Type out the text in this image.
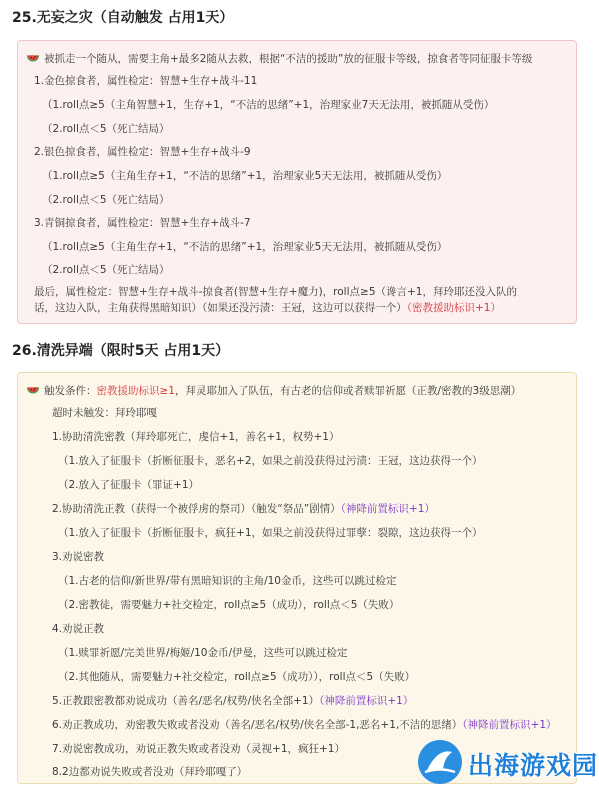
25.无妄之灾（自动触发 占用1天）
被抓走一个随从，需要主角+最多2随从去救，根据“不洁的援助”放的征服卡等级，掠食者等同征服卡等级
1.金色掠食者，属性检定：智慧+生存+战斗-11
（1.roll点≥5（主角智慧+1，生存+1，“不洁的思绪”+1，治理家业7天无法用，被抓随从受伤）
（2.roll点＜5（死亡结局）
2.银色掠食者，属性检定：智慧+生存+战斗-9
（1.roll点≥5（主角生存+1，“不洁的思绪”+1，治理家业5天无法用，被抓随从受伤）
（2.roll点＜5（死亡结局）
3.青铜掠食者，属性检定：智慧+生存+战斗-7
（1.roll点≥5（主角生存+1，“不洁的思绪”+1，治理家业5天无法用，被抓随从受伤）
（2.roll点＜5（死亡结局）
最后，属性检定：智慧+生存+战斗-掠食者(智慧+生存+魔力)，roll点≥5（谗言+1，拜玲耶还没入队的
话，这边入队，主角获得黑暗知识）（如果还没污渍：王冠，这边可以获得一个）（密教援助标识+1）
26.清洗异端（限时5天 占用1天）
触发条件：密教援助标识≥1，拜灵耶加入了队伍，有古老的信仰或者赎罪祈愿（正教/密教的3级思潮）
超时未触发：拜玲耶嘎
1.协助清洗密教（拜玲耶死亡，虔信+1，善名+1，权势+1）
（1.放入了征服卡（折断征服卡，恶名+2，如果之前没获得过污渍：王冠，这边获得一个）
（2.放入了征服卡（罪证+1）
2.协助清洗正教（获得一个被俘虏的祭司）（触发“祭品”剧情）（神降前置标识+1）
（1.放入了征服卡（折断征服卡，疯狂+1，如果之前没获得过罪孽：裂隙，这边获得一个）
3.劝说密教
（1.古老的信仰/新世界/带有黑暗知识的主角/10金币，这些可以跳过检定
（2.密教徒，需要魅力+社交检定，roll点≥5（成功），roll点＜5（失败）
4.劝说正教
（1.赎罪祈愿/完美世界/梅姬/10金币/伊曼，这些可以跳过检定
（2.其他随从，需要魅力+社交检定，roll点≥5（成功）），roll点＜5（失败）
5.正教跟密教都劝说成功（善名/恶名/权势/侠名全部+1）（神降前置标识+1）
6.劝正教成功，劝密教失败或者没劝（善名/恶名/权势/侠名全部-1,恶名+1,不洁的思绪）（神降前置标识+1）
7.劝说密教成功，劝说正教失败或者没劝（灵视+1，疯狂+1）
8.2边都劝说失败或者没劝（拜玲耶嘎了）	出海游戏园
